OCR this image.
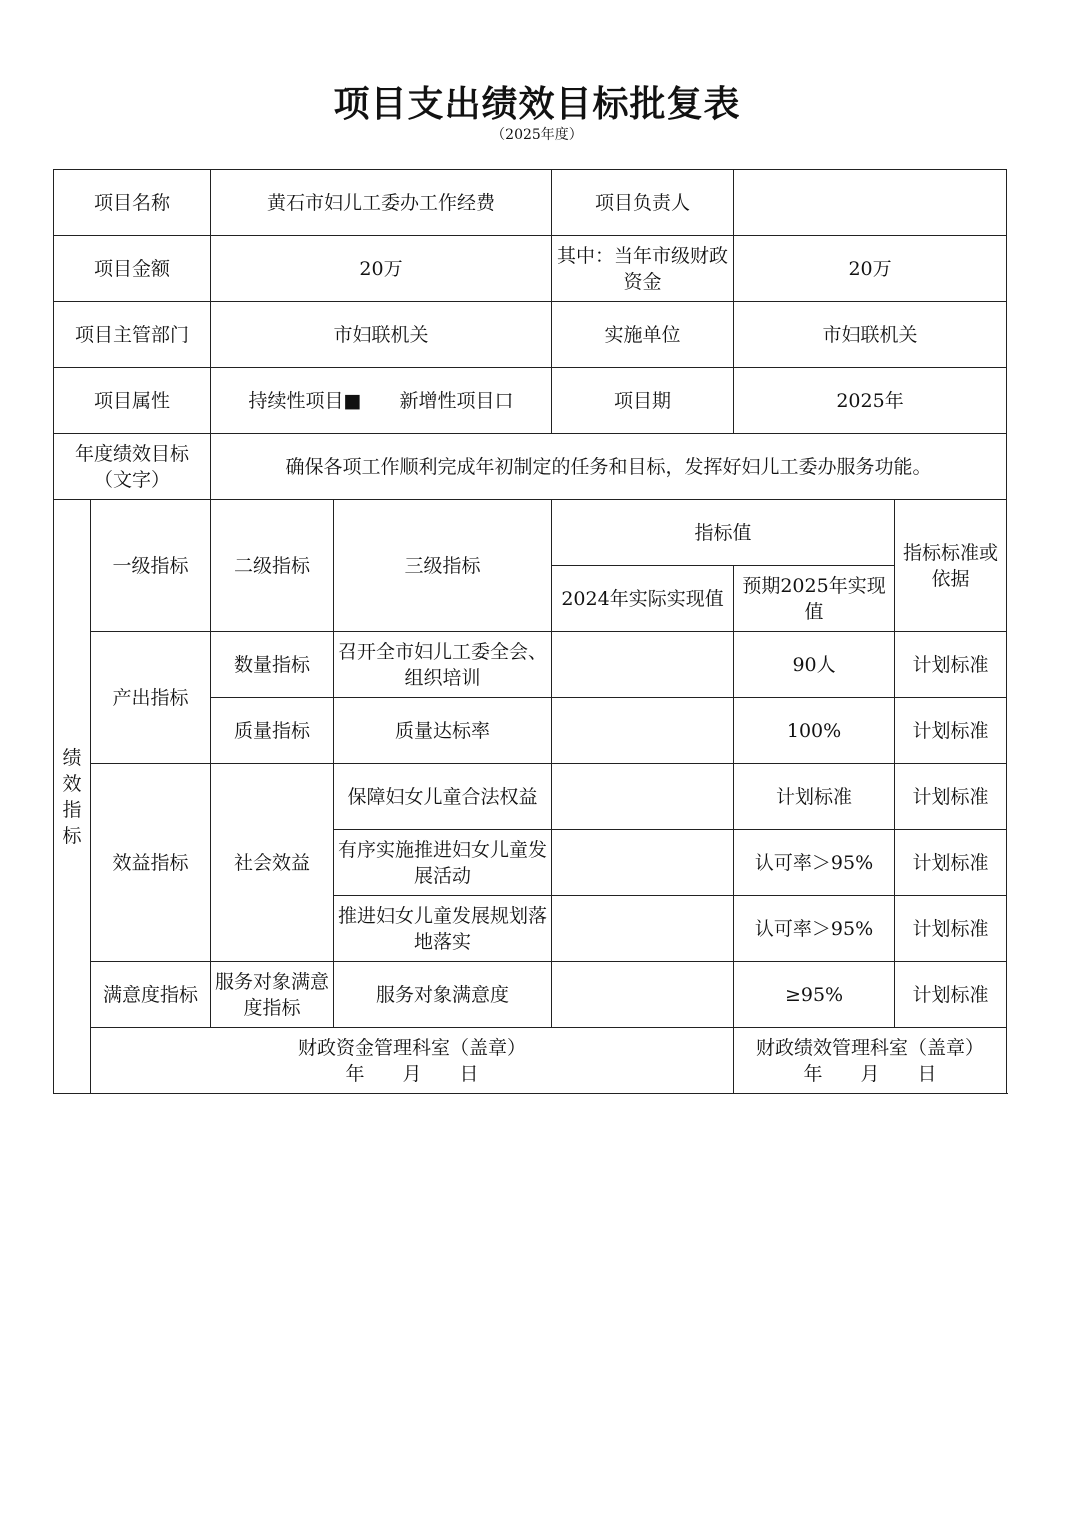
项目支出绩效目标批复表
（2025年度）
项目名称		黄石市妇儿工委办工作经费		项目负责人		
项目金额		20万		其中：当年市级财政资金	20万	
项目主管部门		市妇联机关		实施单位	市妇联机关	
项目属性		持续性项目■　　新增性项目口		项目期	2025年	
年度绩效目标（文字）		确保各项工作顺利完成年初制定的任务和目标，发挥好妇儿工委办服务功能。				
绩效指标	一级指标	二级指标	三级指标	指标值		指标标准或依据
				2024年实际实现值	预期2025年实现值	
	产出指标	数量指标	召开全市妇儿工委全会、组织培训		90人	计划标准
		质量指标	质量达标率		100%	计划标准
	效益指标	社会效益	保障妇女儿童合法权益		计划标准	计划标准
			有序实施推进妇女儿童发展活动		认可率＞95%	计划标准
			推进妇女儿童发展规划落地落实		认可率＞95%	计划标准
	满意度指标	服务对象满意度指标	服务对象满意度		≥95%	计划标准

	财政资金管理科室（盖章）
年　　月　　日				财政绩效管理科室（盖章）
年　　月　　日	
